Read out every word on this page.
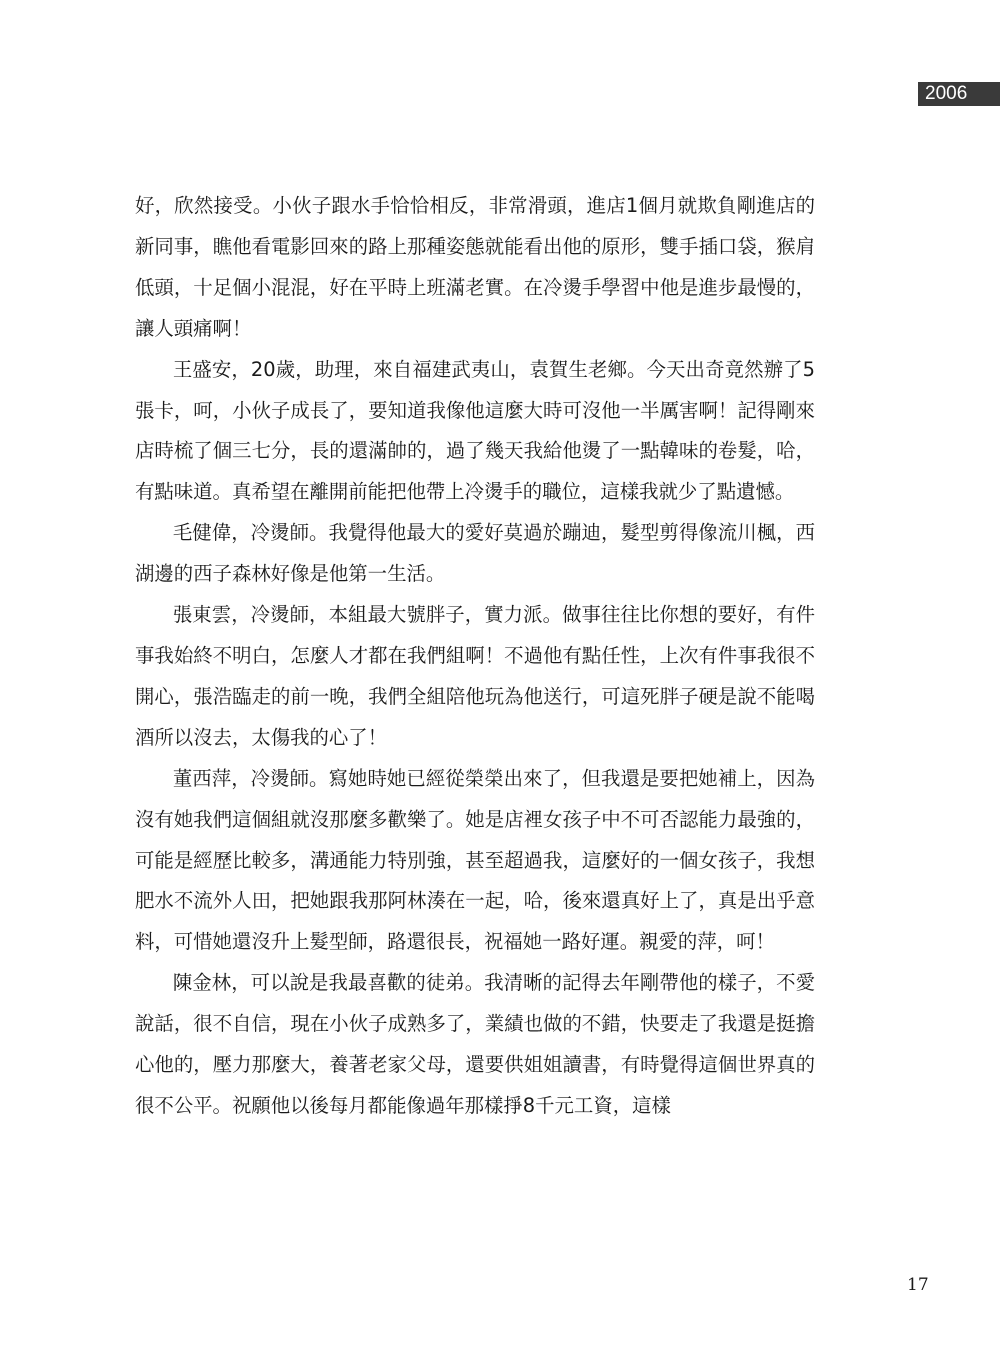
2006

好，欣然接受。小伙子跟水手恰恰相反，非常滑頭，進店1個月就欺負剛進店的新同事，瞧他看電影回來的路上那種姿態就能看出他的原形，雙手插口袋，猴肩低頭，十足個小混混，好在平時上班滿老實。在冷燙手學習中他是進步最慢的，讓人頭痛啊！

王盛安，20歲，助理，來自福建武夷山，袁賀生老鄉。今天出奇竟然辦了5張卡，呵，小伙子成長了，要知道我像他這麼大時可沒他一半厲害啊！記得剛來店時梳了個三七分，長的還滿帥的，過了幾天我給他燙了一點韓味的卷髮，哈，有點味道。真希望在離開前能把他帶上冷燙手的職位，這樣我就少了點遺憾。

毛健偉，冷燙師。我覺得他最大的愛好莫過於蹦迪，髮型剪得像流川楓，西湖邊的西子森林好像是他第一生活。

張東雲，冷燙師，本組最大號胖子，實力派。做事往往比你想的要好，有件事我始終不明白，怎麼人才都在我們組啊！不過他有點任性，上次有件事我很不開心，張浩臨走的前一晚，我們全組陪他玩為他送行，可這死胖子硬是說不能喝酒所以沒去，太傷我的心了！

董西萍，冷燙師。寫她時她已經從榮榮出來了，但我還是要把她補上，因為沒有她我們這個組就沒那麼多歡樂了。她是店裡女孩子中不可否認能力最強的，可能是經歷比較多，溝通能力特別強，甚至超過我，這麼好的一個女孩子，我想肥水不流外人田，把她跟我那阿林湊在一起，哈，後來還真好上了，真是出乎意料，可惜她還沒升上髮型師，路還很長，祝福她一路好運。親愛的萍，呵！

陳金林，可以說是我最喜歡的徒弟。我清晰的記得去年剛帶他的樣子，不愛說話，很不自信，現在小伙子成熟多了，業績也做的不錯，快要走了我還是挺擔心他的，壓力那麼大，養著老家父母，還要供姐姐讀書，有時覺得這個世界真的很不公平。祝願他以後每月都能像過年那樣掙8千元工資，這樣

17
